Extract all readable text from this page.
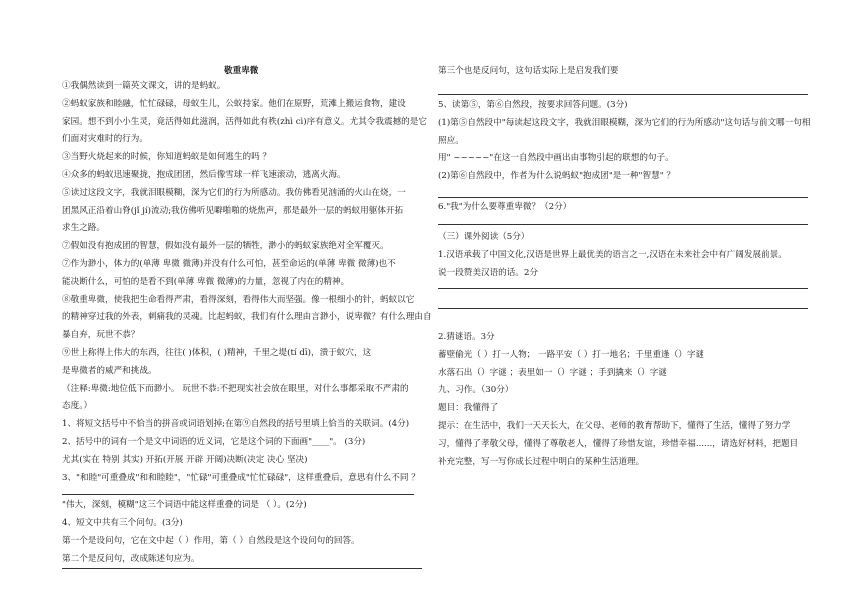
敬重卑微
①我偶然读到一篇英文课文，讲的是蚂蚁。
②蚂蚁家族和睦融，忙忙碌碌，母蚁生儿，公蚁持家。他们在原野，荒滩上搬运食物，建设
家园。想不到小小生灵，竟活得如此滋润，活得如此有秩(zhì cì)序有意义。尤其令我震撼的是它
们面对灾难时的行为。
③当野火烧起来的时候，你知道蚂蚁是如何逃生的吗 ？
④众多的蚂蚁迅速聚拢，抱成团团，然后像雪球一样飞速滚动，逃离火海。
⑤读过这段文字，我就泪眼模糊，深为它们的行为所感动。我仿佛看见汹涌的火山在烧，一
团黑风正沿着山脊(jǐ jí)流动;我仿佛听见噼啪啪的烧焦声，那是最外一层的蚂蚁用躯体开拓
求生之路。
⑦假如没有抱成团的智慧，假如没有最外一层的牺牲，渺小的蚂蚁家族绝对全军覆灭。
⑦作为渺小，体力的(单薄 卑微 微薄)并没有什么可怕，甚至命运的(单薄 卑微 微薄)也不
能决断什么，可怕的是看不到(单薄 卑微 微薄)的力量，忽视了内在的精神。
⑧敬重卑微，使我把生命看得严肃，看得深刻，看得伟大而坚强。像一根细小的针，蚂蚁以它
的精神穿过我的外表，刺痛我的灵魂。比起蚂蚁，我们有什么理由言渺小，说卑微？有什么理由自
暴自弃，玩世不恭？
⑨世上称得上伟大的东西，往往( )体积，( )精神，千里之堤(tí dī)，溃于蚁穴，这
是卑微者的威严和挑战。
（注释:卑微:地位低下而渺小。 玩世不恭:不把现实社会放在眼里，对什么事都采取不严肃的
态度。）
1、将短文括号中不恰当的拼音或词语划掉;在第⑨自然段的括号里填上恰当的关联词。(4分)
2、括号中的词有一个是文中词语的近义词，它是这个词的下面画"____"。 (3分)
尤其(实在 特别 其实) 开拓(开展 开辟 开阔)决断(决定 决心 坚决)
3、"和睦"可重叠成"和和睦睦"，"忙碌"可重叠成"忙忙碌碌"，这样重叠后，意思有什么不同 ？
"伟大，深刻，模糊"这三个词语中能这样重叠的词是 （ ）。(2分)
4、短文中共有三个问句。(3分)
第一个是设问句，它在文中起（ ）作用，第（ ）自然段是这个设问句的回答。
第二个是反问句，改成陈述句应为。
第三个也是反问句，这句话实际上是启发我们要
5、读第⑤，第⑥自然段，按要求回答问题。(3分)
(1)第⑤自然段中"每读起这段文字，我就泪眼模糊，深为它们的行为所感动"这句话与前文哪一句相
照应。
用" ~~~~~"在这一自然段中画出由事物引起的联想的句子。
(2)第⑥自然段中，作者为什么说蚂蚁"抱成团"是一种"智慧" ？
6."我"为什么要尊重卑微？（2分）
（三）课外阅读（5分）
1.汉语承载了中国文化,汉语是世界上最优美的语言之一,汉语在未来社会中有广阔发展前景。
说一段赞美汉语的话。2分
2.猜谜语。3分
蓄壁偷光（ ）打一人物； 一路平安（ ）打一地名；千里重逢（）字谜
水落石出（）字谜 ；表里如一（）字谜 ；手到擒来（）字谜
九、习作。（30分）
题目：我懂得了
提示：在生活中，我们一天天长大，在父母、老师的教育帮助下，懂得了生活，懂得了努力学
习，懂得了孝敬父母，懂得了尊敬老人，懂得了珍惜友谊，珍惜幸福......，请选好材料，把题目
补充完整，写一写你成长过程中明白的某种生活道理。
